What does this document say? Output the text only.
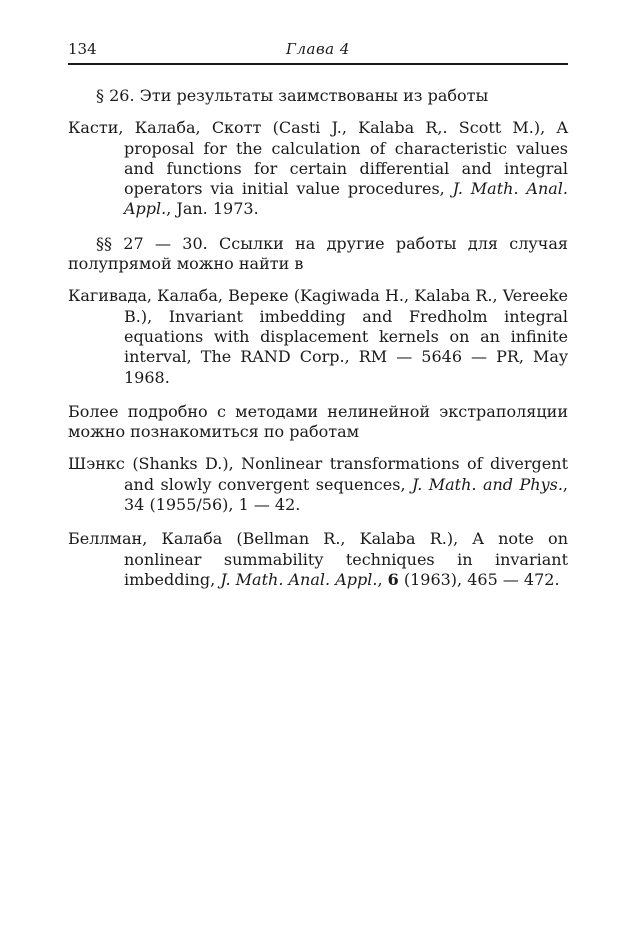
134	Глава 4

§ 26. Эти результаты заимствованы из работы

Касти, Калаба, Скотт (Casti J., Kalaba R,. Scott M.), A proposal for the calculation of characteristic values and functions for certain differential and integral operators via initial value procedures, J. Math. Anal. Appl., Jan. 1973.

§§ 27 — 30. Ссылки на другие работы для случая полупрямой можно найти в

Кагивада, Калаба, Вереке (Kagiwada H., Kalaba R., Vereeke B.), Invariant imbedding and Fredholm integral equations with displacement kernels on an infinite interval, The RAND Corp., RM — 5646 — PR, May 1968.

Более подробно с методами нелинейной экстраполяции можно познакомиться по работам

Шэнкс (Shanks D.), Nonlinear transformations of divergent and slowly convergent sequences, J. Math. and Phys., 34 (1955/56), 1 — 42.

Беллман, Калаба (Bellman R., Kalaba R.), A note on nonlinear summability techniques in invariant imbedding, J. Math. Anal. Appl., 6 (1963), 465 — 472.
